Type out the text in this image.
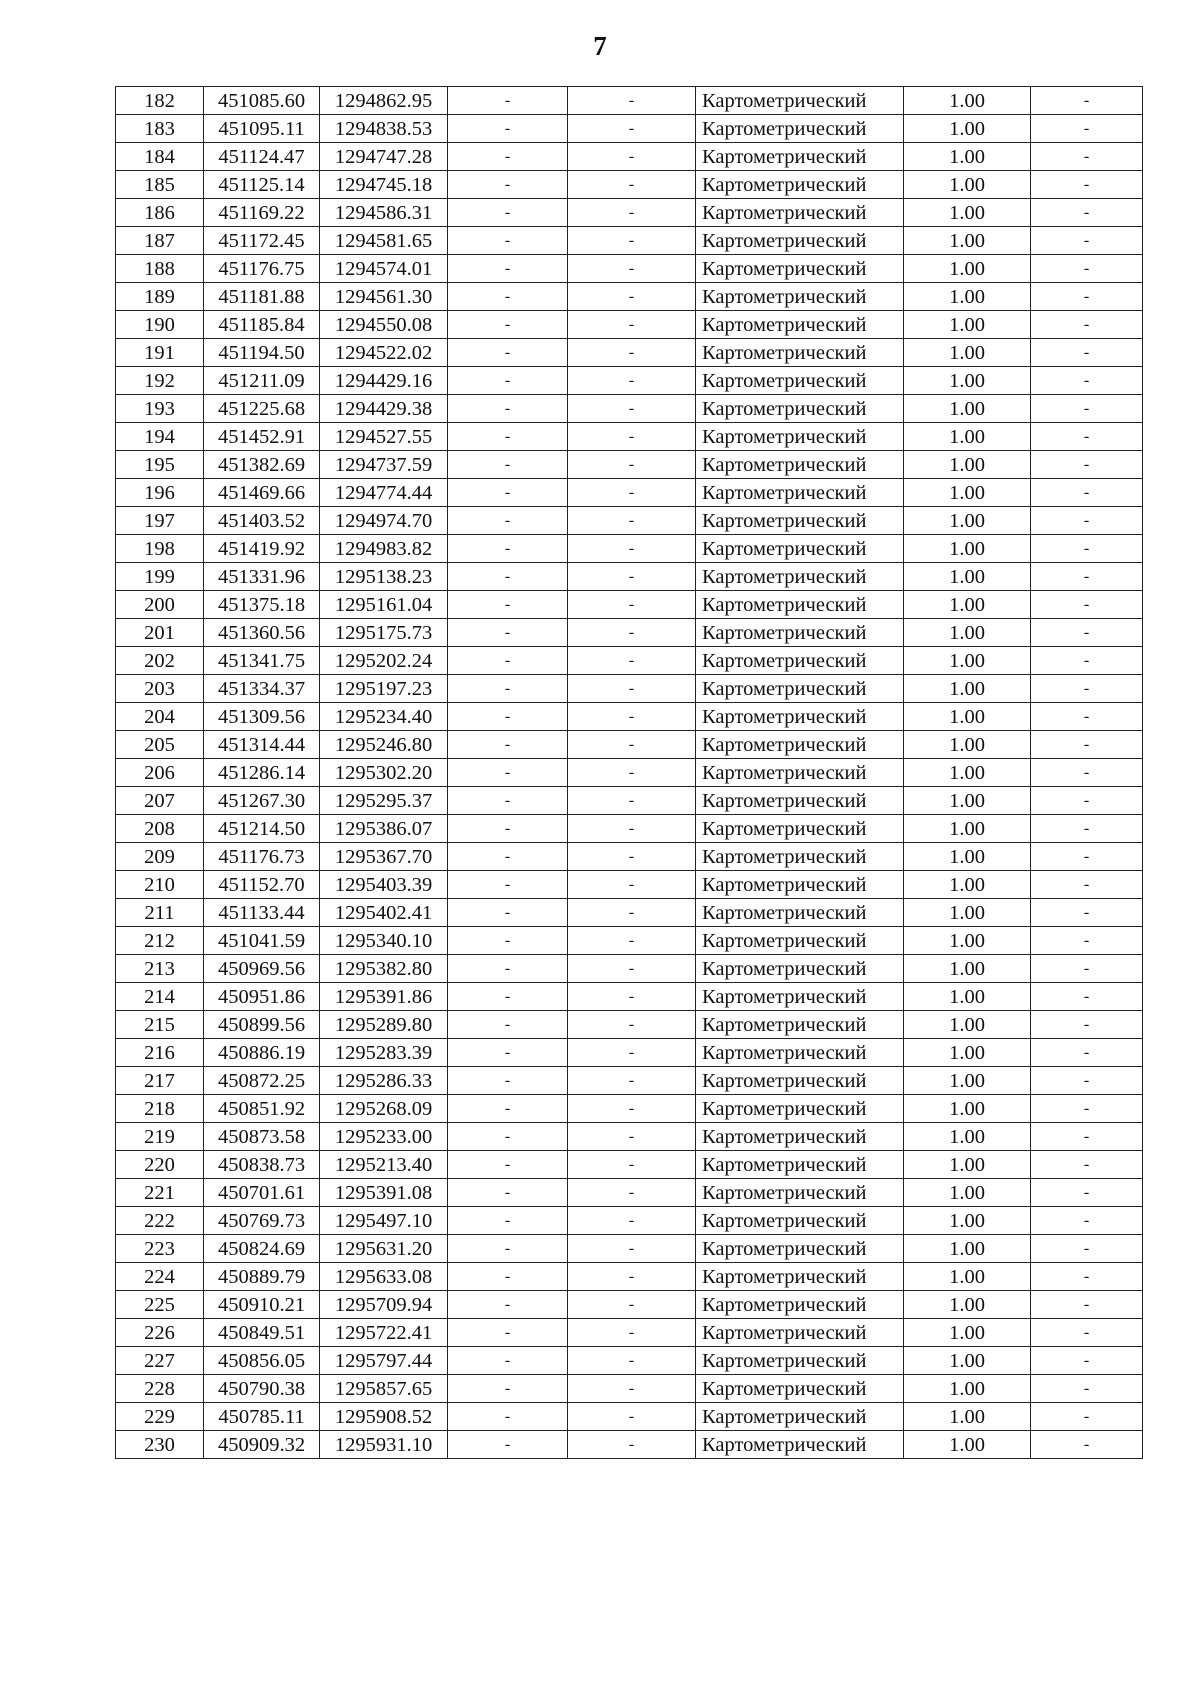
7
182	451085.60	1294862.95	-	-	Картометрический	1.00	-
183	451095.11	1294838.53	-	-	Картометрический	1.00	-
184	451124.47	1294747.28	-	-	Картометрический	1.00	-
185	451125.14	1294745.18	-	-	Картометрический	1.00	-
186	451169.22	1294586.31	-	-	Картометрический	1.00	-
187	451172.45	1294581.65	-	-	Картометрический	1.00	-
188	451176.75	1294574.01	-	-	Картометрический	1.00	-
189	451181.88	1294561.30	-	-	Картометрический	1.00	-
190	451185.84	1294550.08	-	-	Картометрический	1.00	-
191	451194.50	1294522.02	-	-	Картометрический	1.00	-
192	451211.09	1294429.16	-	-	Картометрический	1.00	-
193	451225.68	1294429.38	-	-	Картометрический	1.00	-
194	451452.91	1294527.55	-	-	Картометрический	1.00	-
195	451382.69	1294737.59	-	-	Картометрический	1.00	-
196	451469.66	1294774.44	-	-	Картометрический	1.00	-
197	451403.52	1294974.70	-	-	Картометрический	1.00	-
198	451419.92	1294983.82	-	-	Картометрический	1.00	-
199	451331.96	1295138.23	-	-	Картометрический	1.00	-
200	451375.18	1295161.04	-	-	Картометрический	1.00	-
201	451360.56	1295175.73	-	-	Картометрический	1.00	-
202	451341.75	1295202.24	-	-	Картометрический	1.00	-
203	451334.37	1295197.23	-	-	Картометрический	1.00	-
204	451309.56	1295234.40	-	-	Картометрический	1.00	-
205	451314.44	1295246.80	-	-	Картометрический	1.00	-
206	451286.14	1295302.20	-	-	Картометрический	1.00	-
207	451267.30	1295295.37	-	-	Картометрический	1.00	-
208	451214.50	1295386.07	-	-	Картометрический	1.00	-
209	451176.73	1295367.70	-	-	Картометрический	1.00	-
210	451152.70	1295403.39	-	-	Картометрический	1.00	-
211	451133.44	1295402.41	-	-	Картометрический	1.00	-
212	451041.59	1295340.10	-	-	Картометрический	1.00	-
213	450969.56	1295382.80	-	-	Картометрический	1.00	-
214	450951.86	1295391.86	-	-	Картометрический	1.00	-
215	450899.56	1295289.80	-	-	Картометрический	1.00	-
216	450886.19	1295283.39	-	-	Картометрический	1.00	-
217	450872.25	1295286.33	-	-	Картометрический	1.00	-
218	450851.92	1295268.09	-	-	Картометрический	1.00	-
219	450873.58	1295233.00	-	-	Картометрический	1.00	-
220	450838.73	1295213.40	-	-	Картометрический	1.00	-
221	450701.61	1295391.08	-	-	Картометрический	1.00	-
222	450769.73	1295497.10	-	-	Картометрический	1.00	-
223	450824.69	1295631.20	-	-	Картометрический	1.00	-
224	450889.79	1295633.08	-	-	Картометрический	1.00	-
225	450910.21	1295709.94	-	-	Картометрический	1.00	-
226	450849.51	1295722.41	-	-	Картометрический	1.00	-
227	450856.05	1295797.44	-	-	Картометрический	1.00	-
228	450790.38	1295857.65	-	-	Картометрический	1.00	-
229	450785.11	1295908.52	-	-	Картометрический	1.00	-
230	450909.32	1295931.10	-	-	Картометрический	1.00	-
